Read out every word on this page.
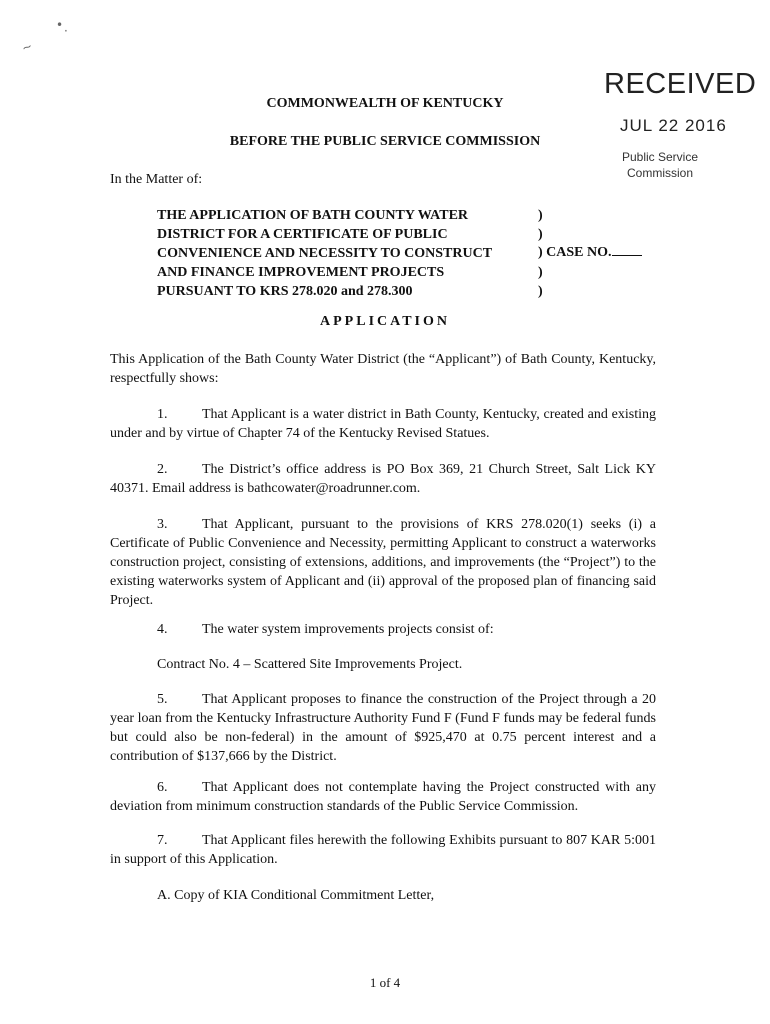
• ·
∼
RECEIVED
JUL 22 2016
Public Service
Commission
COMMONWEALTH OF KENTUCKY
BEFORE THE PUBLIC SERVICE COMMISSION
In the Matter of:
THE APPLICATION OF BATH COUNTY WATER
DISTRICT FOR A CERTIFICATE OF PUBLIC
CONVENIENCE AND NECESSITY TO CONSTRUCT
AND FINANCE IMPROVEMENT PROJECTS
PURSUANT TO KRS 278.020 and 278.300
)
)
)
)
) CASE NO.
APPLICATION
This Application of the Bath County Water District (the “Applicant”) of Bath County, Kentucky, respectfully shows:
1. That Applicant is a water district in Bath County, Kentucky, created and existing under and by virtue of Chapter 74 of the Kentucky Revised Statues.
2. The District’s office address is PO Box 369, 21 Church Street, Salt Lick KY 40371. Email address is bathcowater@roadrunner.com.
3. That Applicant, pursuant to the provisions of KRS 278.020(1) seeks (i) a Certificate of Public Convenience and Necessity, permitting Applicant to construct a waterworks construction project, consisting of extensions, additions, and improvements (the “Project”) to the existing waterworks system of Applicant and (ii) approval of the proposed plan of financing said Project.
4. The water system improvements projects consist of:
Contract No. 4 – Scattered Site Improvements Project.
5. That Applicant proposes to finance the construction of the Project through a 20 year loan from the Kentucky Infrastructure Authority Fund F (Fund F funds may be federal funds but could also be non-federal) in the amount of $925,470 at 0.75 percent interest and a contribution of $137,666 by the District.
6. That Applicant does not contemplate having the Project constructed with any deviation from minimum construction standards of the Public Service Commission.
7. That Applicant files herewith the following Exhibits pursuant to 807 KAR 5:001 in support of this Application.
A. Copy of KIA Conditional Commitment Letter,
1 of 4
